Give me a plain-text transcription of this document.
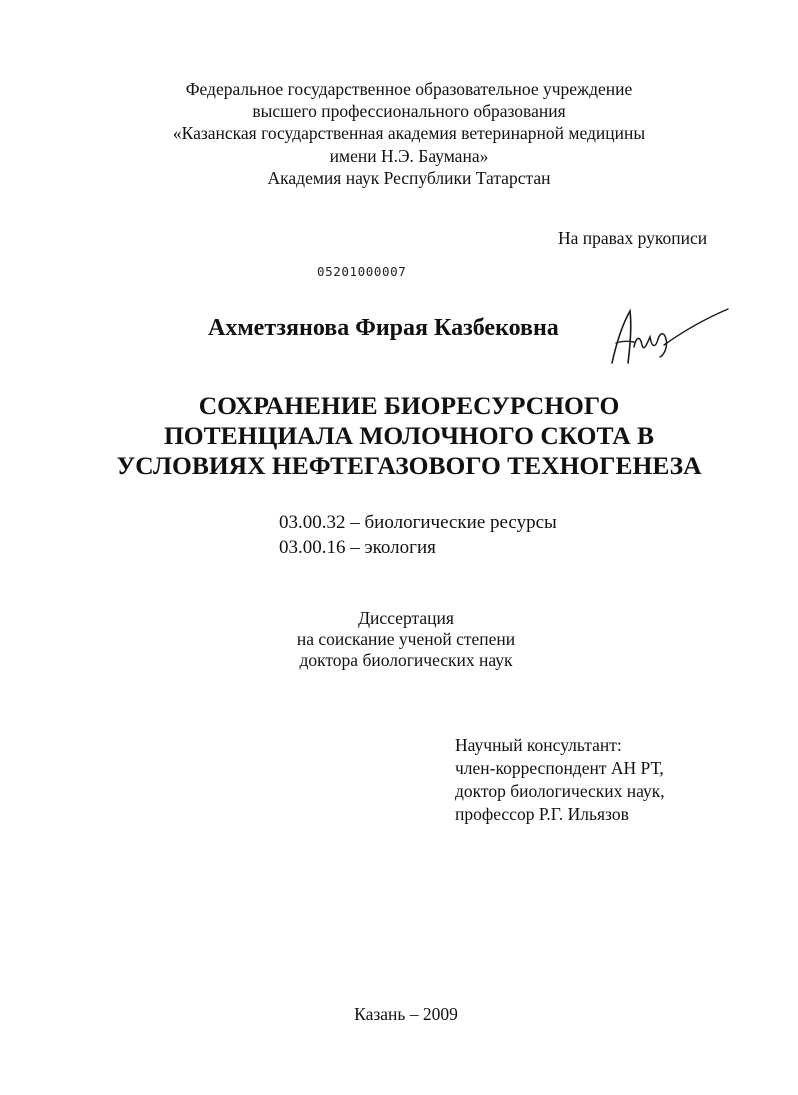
Федеральное государственное образовательное учреждение
высшего профессионального образования
«Казанская государственная академия ветеринарной медицины
имени Н.Э. Баумана»
Академия наук Республики Татарстан
На правах рукописи
05201000007
Ахметзянова Фирая Казбековна
СОХРАНЕНИЕ БИОРЕСУРСНОГО
ПОТЕНЦИАЛА МОЛОЧНОГО СКОТА В
УСЛОВИЯХ НЕФТЕГАЗОВОГО ТЕХНОГЕНЕЗА
03.00.32 – биологические ресурсы
03.00.16 – экология
Диссертация
на соискание ученой степени
доктора биологических наук
Научный консультант:
член-корреспондент АН РТ,
доктор биологических наук,
профессор Р.Г. Ильязов
Казань – 2009
